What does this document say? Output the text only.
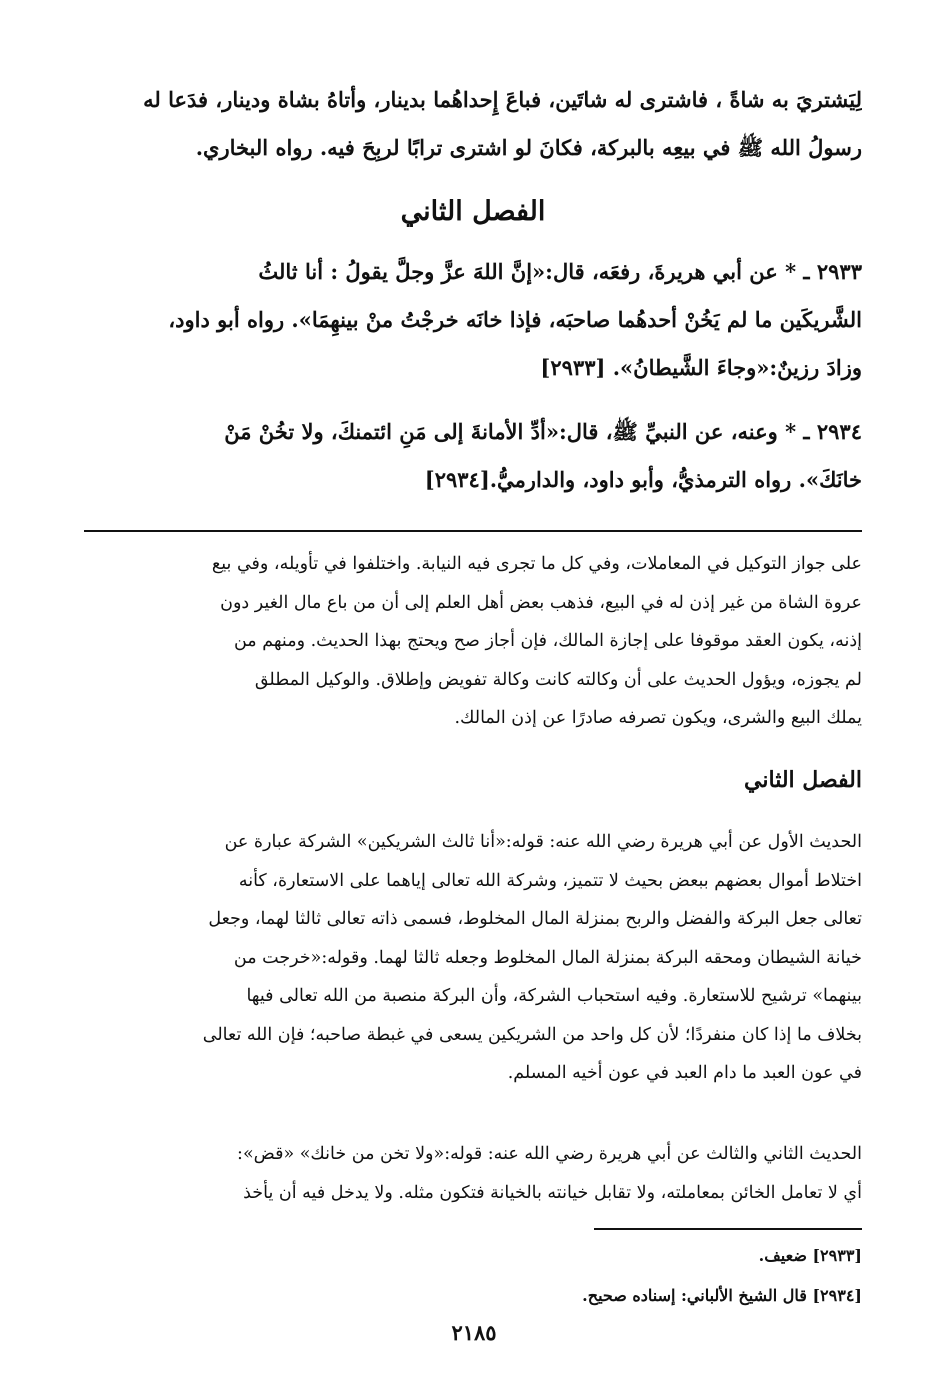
لِيَشتريَ به شاةً ، فاشترى له شاتَين، فباعَ إِحداهُما بدينار، وأتاهُ بشاة ودينار، فدَعا له
رسولُ الله ﷺ في بيعِه بالبركة، فكانَ لو اشترى ترابًا لربِحَ فيه. رواه البخاري.
الفصل الثاني
٢٩٣٣ ـ * عن أبي هريرةَ، رفعَه، قال:«إنَّ اللهَ عزَّ وجلَّ يقولُ : أنا ثالثُ
الشَّريكَين ما لم يَخُنْ أحدهُما صاحبَه، فإذا خانَه خرجْتُ منْ بينهِمَا». رواه أبو داود،
وزادَ رزينٌ:«وجاءَ الشَّيطانُ». [٢٩٣٣]
٢٩٣٤ ـ * وعنه، عن النبيِّ ﷺ، قال:«أدِّ الأمانةَ إلى مَنِ ائتمنكَ، ولا تخُنْ مَنْ
خانَكَ». رواه الترمذيُّ، وأبو داود، والدارميُّ.[٢٩٣٤]
على جواز التوكيل في المعاملات، وفي كل ما تجرى فيه النيابة. واختلفوا في تأويله، وفي بيع
عروة الشاة من غير إذن له في البيع، فذهب بعض أهل العلم إلى أن من باع مال الغير دون
إذنه، يكون العقد موقوفا على إجازة المالك، فإن أجاز صح ويحتج بهذا الحديث. ومنهم من
لم يجوزه، ويؤول الحديث على أن وكالته كانت وكالة تفويض وإطلاق. والوكيل المطلق
يملك البيع والشرى، ويكون تصرفه صادرًا عن إذن المالك.
الفصل الثاني
الحديث الأول عن أبي هريرة رضي الله عنه: قوله:«أنا ثالث الشريكين» الشركة عبارة عن
اختلاط أموال بعضهم ببعض بحيث لا تتميز، وشركة الله تعالى إياهما على الاستعارة، كأنه
تعالى جعل البركة والفضل والربح بمنزلة المال المخلوط، فسمى ذاته تعالى ثالثا لهما، وجعل
خيانة الشيطان ومحقه البركة بمنزلة المال المخلوط وجعله ثالثا لهما. وقوله:«خرجت من
بينهما» ترشيح للاستعارة. وفيه استحباب الشركة، وأن البركة منصبة من الله تعالى فيها
بخلاف ما إذا كان منفردًا؛ لأن كل واحد من الشريكين يسعى في غبطة صاحبه؛ فإن الله تعالى
في عون العبد ما دام العبد في عون أخيه المسلم.
الحديث الثاني والثالث عن أبي هريرة رضي الله عنه: قوله:«ولا تخن من خانك» «قض»:
أي لا تعامل الخائن بمعاملته، ولا تقابل خيانته بالخيانة فتكون مثله. ولا يدخل فيه أن يأخذ
[٢٩٣٣] ضعيف.
[٢٩٣٤] قال الشيخ الألباني: إسناده صحيح.
٢١٨٥
